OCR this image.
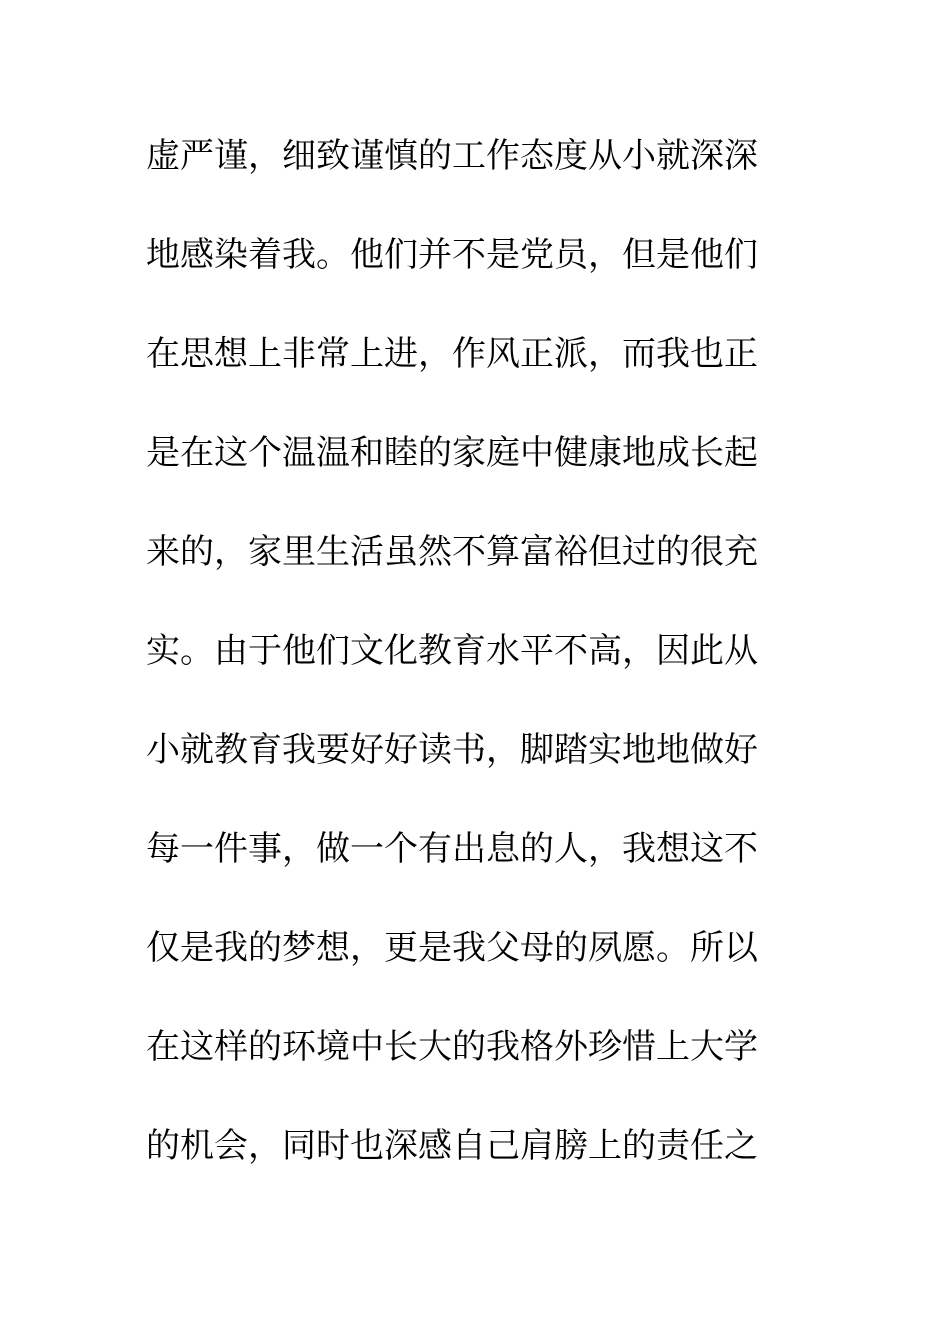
虚严谨，细致谨慎的工作态度从小就深深
地感染着我。他们并不是党员，但是他们
在思想上非常上进，作风正派，而我也正
是在这个温温和睦的家庭中健康地成长起
来的，家里生活虽然不算富裕但过的很充
实。由于他们文化教育水平不高，因此从
小就教育我要好好读书，脚踏实地地做好
每一件事，做一个有出息的人，我想这不
仅是我的梦想，更是我父母的夙愿。所以
在这样的环境中长大的我格外珍惜上大学
的机会，同时也深感自己肩膀上的责任之
